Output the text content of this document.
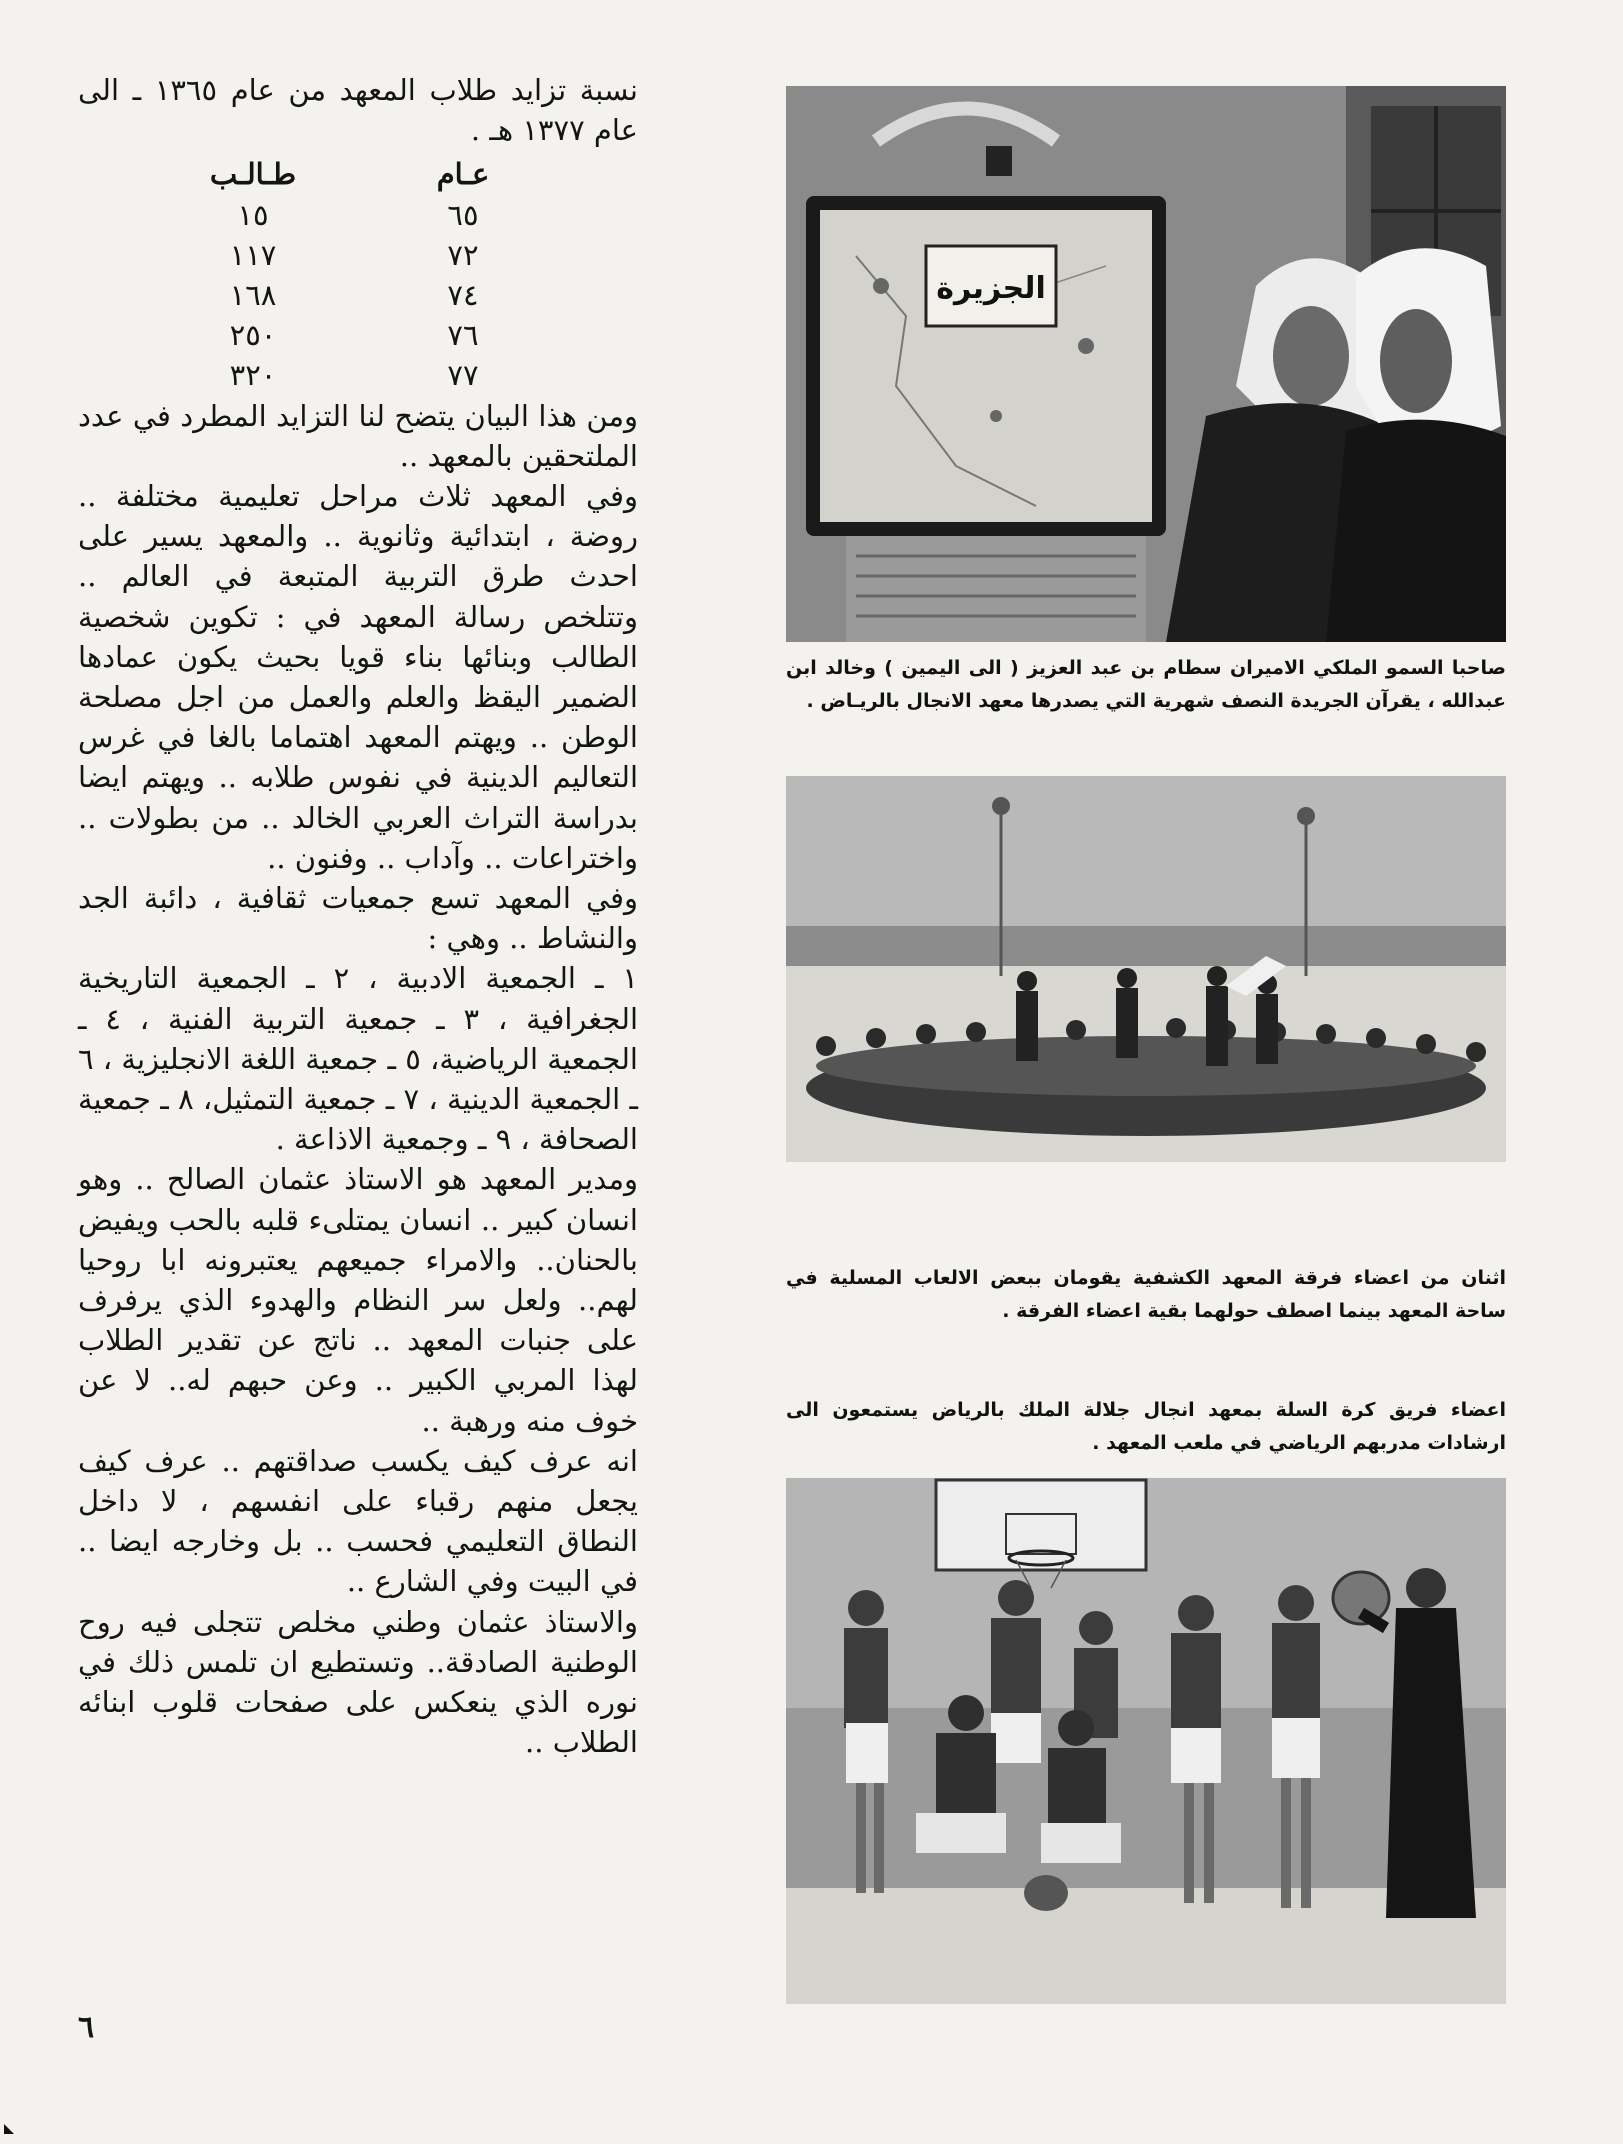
نسبة تزايد طلاب المعهد من عام ١٣٦٥ ـ الى عام ١٣٧٧ هـ .

عـام
طـالـب
٦٥
١٥
٧٢
١١٧
٧٤
١٦٨
٧٦
٢٥٠
٧٧
٣٢٠

ومن هذا البيان يتضح لنا التزايد المطرد في عدد الملتحقين بالمعهد ..

وفي المعهد ثلاث مراحل تعليمية مختلفة .. روضة ، ابتدائية وثانوية .. والمعهد يسير على احدث طرق التربية المتبعة في العالم .. وتتلخص رسالة المعهد في : تكوين شخصية الطالب وبنائها بناء قويا بحيث يكون عمادها الضمير اليقظ والعلم والعمل من اجل مصلحة الوطن .. ويهتم المعهد اهتماما بالغا في غرس التعاليم الدينية في نفوس طلابه .. ويهتم ايضا بدراسة التراث العربي الخالد .. من بطولات .. واختراعات .. وآداب .. وفنون ..

وفي المعهد تسع جمعيات ثقافية ، دائبة الجد والنشاط .. وهي :

١ ـ الجمعية الادبية ، ٢ ـ الجمعية التاريخية الجغرافية ، ٣ ـ جمعية التربية الفنية ، ٤ ـ الجمعية الرياضية، ٥ ـ جمعية اللغة الانجليزية ، ٦ ـ الجمعية الدينية ، ٧ ـ جمعية التمثيل، ٨ ـ جمعية الصحافة ، ٩ ـ وجمعية الاذاعة .

ومدير المعهد هو الاستاذ عثمان الصالح .. وهو انسان كبير .. انسان يمتلىء قلبه بالحب ويفيض بالحنان.. والامراء جميعهم يعتبرونه ابا روحيا لهم.. ولعل سر النظام والهدوء الذي يرفرف على جنبات المعهد .. ناتج عن تقدير الطلاب لهذا المربي الكبير .. وعن حبهم له.. لا عن خوف منه ورهبة ..

انه عرف كيف يكسب صداقتهم .. عرف كيف يجعل منهم رقباء على انفسهم ، لا داخل النطاق التعليمي فحسب .. بل وخارجه ايضا .. في البيت وفي الشارع ..

والاستاذ عثمان وطني مخلص تتجلى فيه روح الوطنية الصادقة.. وتستطيع ان تلمس ذلك في نوره الذي ينعكس على صفحات قلوب ابنائه الطلاب ..

٦
الجزيرة
صاحبا السمو الملكي الاميران سطام بن عبد العزيز ( الى اليمين ) وخالد ابن عبدالله ، يقرآن الجريدة النصف شهرية التي يصدرها معهد الانجال بالريـاض .
اثنان من اعضاء فرقة المعهد الكشفية يقومان ببعض الالعاب المسلية في ساحة المعهد بينما اصطف حولهما بقية اعضاء الفرقة .
اعضاء فريق كرة السلة بمعهد انجال جلالة الملك بالرياض يستمعون الى ارشادات مدربهم الرياضي في ملعب المعهد .
